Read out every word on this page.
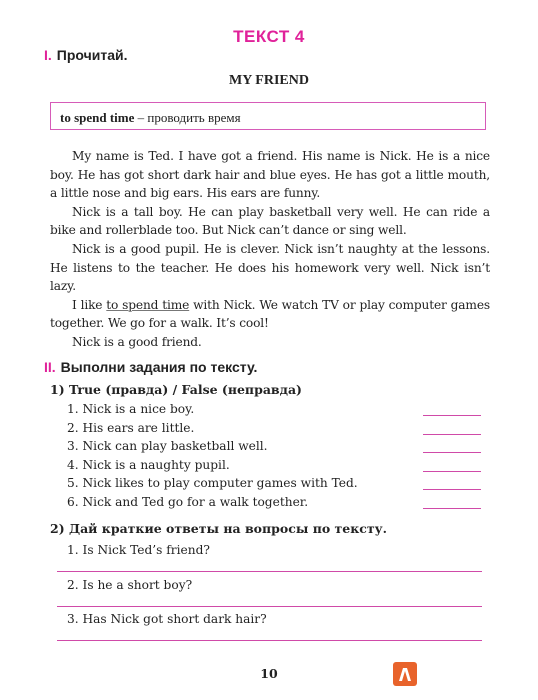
ТЕКСТ 4
I. Прочитай.
MY FRIEND
to spend time – проводить время

My name is Ted. I have got a friend. His name is Nick. He is a nice boy. He has got short dark hair and blue eyes. He has got a little mouth, a little nose and big ears. His ears are funny.

Nick is a tall boy. He can play basketball very well. He can ride a bike and rollerblade too. But Nick can’t dance or sing well.

Nick is a good pupil. He is clever. Nick isn’t naughty at the lessons. He listens to the teacher. He does his homework very well. Nick isn’t lazy.

I like to spend time with Nick. We watch TV or play computer games together. We go for a walk. It’s cool!

Nick is a good friend.

II. Выполни задания по тексту.
1) True (правда) / False (неправда)
1. Nick is a nice boy.
2. His ears are little.
3. Nick can play basketball well.
4. Nick is a naughty pupil.
5. Nick likes to play computer games with Ted.
6. Nick and Ted go for a walk together.
2) Дай краткие ответы на вопросы по тексту.
1. Is Nick Ted’s friend?
2. Is he a short boy?
3. Has Nick got short dark hair?
10
